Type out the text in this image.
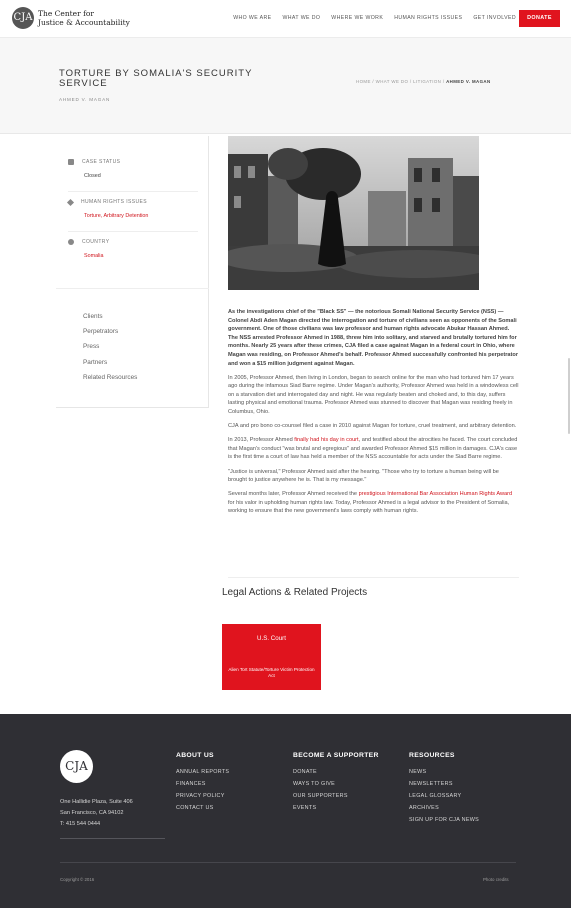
CJA The Center for
Justice & Accountability	WHO WE ARE WHAT WE DO WHERE WE WORK HUMAN RIGHTS ISSUES GET INVOLVED	DONATE
TORTURE BY SOMALIA'S SECURITY SERVICE
AHMED V. MAGAN
HOME / WHAT WE DO / LITIGATION / AHMED V. MAGAN
CASE STATUS
Closed
HUMAN RIGHTS ISSUES
Torture, Arbitrary Detention
COUNTRY
Somalia
Clients
Perpetrators
Press
Partners
Related Resources

As the investigations chief of the "Black SS" — the notorious Somali National Security Service (NSS) — Colonel Abdi Aden Magan directed the interrogation and torture of civilians seen as opponents of the Somali government. One of those civilians was law professor and human rights advocate Abukar Hassan Ahmed. The NSS arrested Professor Ahmed in 1988, threw him into solitary, and starved and brutally tortured him for months. Nearly 25 years after these crimes, CJA filed a case against Magan in a federal court in Ohio, where Magan was residing, on Professor Ahmed's behalf. Professor Ahmed successfully confronted his perpetrator and won a $15 million judgment against Magan.

In 2005, Professor Ahmed, then living in London, began to search online for the man who had tortured him 17 years ago during the infamous Siad Barre regime. Under Magan's authority, Professor Ahmed was held in a windowless cell on a starvation diet and interrogated day and night. He was regularly beaten and choked and, to this day, suffers lasting physical and emotional trauma. Professor Ahmed was stunned to discover that Magan was residing freely in Columbus, Ohio.

CJA and pro bono co-counsel filed a case in 2010 against Magan for torture, cruel treatment, and arbitrary detention.

In 2013, Professor Ahmed finally had his day in court, and testified about the atrocities he faced. The court concluded that Magan's conduct "was brutal and egregious" and awarded Professor Ahmed $15 million in damages. CJA's case is the first time a court of law has held a member of the NSS accountable for acts under the Siad Barre regime.

"Justice is universal," Professor Ahmed said after the hearing. "Those who try to torture a human being will be brought to justice anywhere he is. That is my message."

Several months later, Professor Ahmed received the prestigious International Bar Association Human Rights Award for his valor in upholding human rights law. Today, Professor Ahmed is a legal advisor to the President of Somalia, working to ensure that the new government's laws comply with human rights.

Legal Actions & Related Projects
U.S. Court
Alien Tort Statute/Torture Victim Protection Act
CJA
One Hallidie Plaza, Suite 406
San Francisco, CA 94102
T: 415 544 0444
ABOUT US
ANNUAL REPORTS
FINANCES
PRIVACY POLICY
CONTACT US
BECOME A SUPPORTER
DONATE
WAYS TO GIVE
OUR SUPPORTERS
EVENTS
RESOURCES
NEWS
NEWSLETTERS
LEGAL GLOSSARY
ARCHIVES
SIGN UP FOR CJA NEWS
Copyright © 2016	Photo credits
